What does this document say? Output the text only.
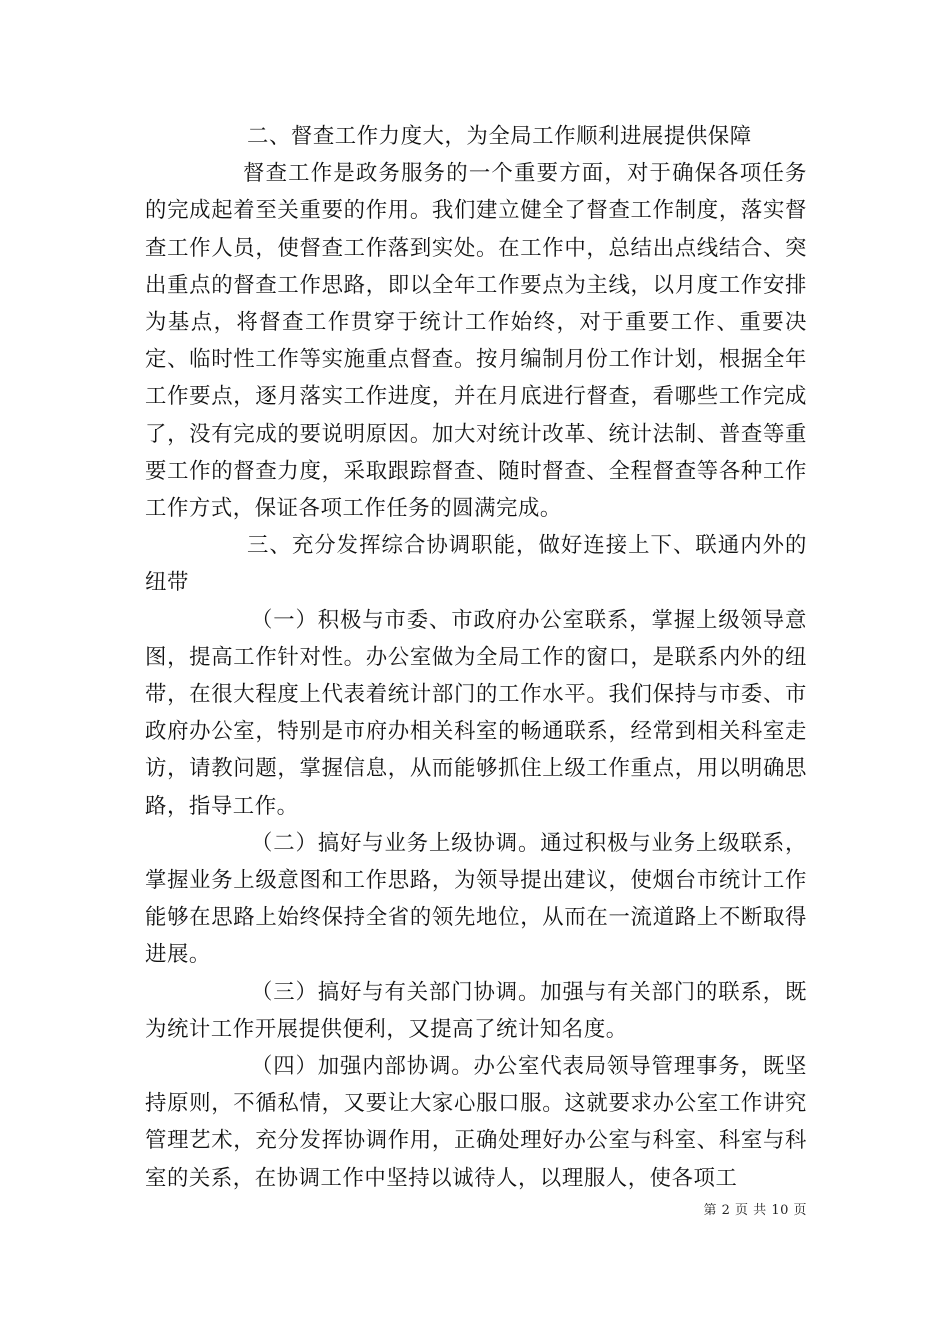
二、督查工作力度大，为全局工作顺利进展提供保障

督查工作是政务服务的一个重要方面，对于确保各项任务的完成起着至关重要的作用。我们建立健全了督查工作制度，落实督查工作人员，使督查工作落到实处。在工作中，总结出点线结合、突出重点的督查工作思路，即以全年工作要点为主线，以月度工作安排为基点，将督查工作贯穿于统计工作始终，对于重要工作、重要决定、临时性工作等实施重点督查。按月编制月份工作计划，根据全年工作要点，逐月落实工作进度，并在月底进行督查，看哪些工作完成了，没有完成的要说明原因。加大对统计改革、统计法制、普查等重要工作的督查力度，采取跟踪督查、随时督查、全程督查等各种工作工作方式，保证各项工作任务的圆满完成。

三、充分发挥综合协调职能，做好连接上下、联通内外的纽带

（一）积极与市委、市政府办公室联系，掌握上级领导意图，提高工作针对性。办公室做为全局工作的窗口，是联系内外的纽带，在很大程度上代表着统计部门的工作水平。我们保持与市委、市政府办公室，特别是市府办相关科室的畅通联系，经常到相关科室走访，请教问题，掌握信息，从而能够抓住上级工作重点，用以明确思路，指导工作。

（二）搞好与业务上级协调。通过积极与业务上级联系，掌握业务上级意图和工作思路，为领导提出建议，使烟台市统计工作能够在思路上始终保持全省的领先地位，从而在一流道路上不断取得进展。

（三）搞好与有关部门协调。加强与有关部门的联系，既为统计工作开展提供便利，又提高了统计知名度。

（四）加强内部协调。办公室代表局领导管理事务，既坚持原则，不循私情，又要让大家心服口服。这就要求办公室工作讲究管理艺术，充分发挥协调作用，正确处理好办公室与科室、科室与科室的关系，在协调工作中坚持以诚待人，以理服人，使各项工

第 2 页 共 10 页
